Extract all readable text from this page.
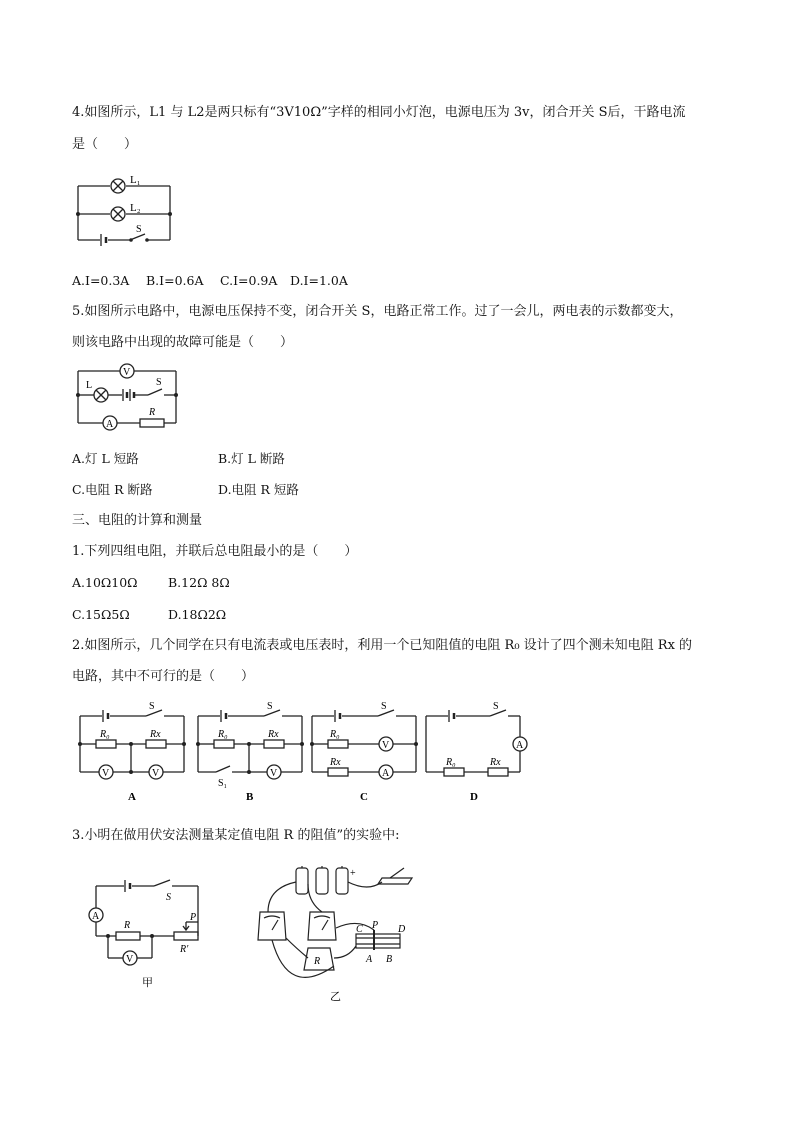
4.如图所示，L1 与 L2是两只标有“3V10Ω”字样的相同小灯泡，电源电压为 3v，闭合开关 S后，干路电流
是（　　）
L₁
L₂
S
A.I=0.3A B.I=0.6A C.I=0.9A D.I=1.0A
5.如图所示电路中，电源电压保持不变，闭合开关 S，电路正常工作。过了一会儿，两电表的示数都变大，
则该电路中出现的故障可能是（　　）
V
L	S
A
R
A.灯 L 短路	B.灯 L 断路
C.电阻 R 断路	D.电阻 R 短路
三、电阻的计算和测量
1.下列四组电阻，并联后总电阻最小的是（　　）
A.10Ω10Ω B.12Ω 8Ω
C.15Ω5Ω	D.18Ω2Ω
2.如图所示，几个同学在只有电流表或电压表时，利用一个已知阻值的电阻 R₀ 设计了四个测未知电阻 Rx 的
电路，其中不可行的是（　　）
S
R₀	Rx
V	V
S
R₀	Rx
S₁
V
S
R₀
V
Rx
A
S
A
R₀	Rx
A	B	C	D
3.小明在做用伏安法测量某定值电阻 R 的阻值”的实验中:
A
S
R
P
R′
V
甲
+
C P D
A B
R
乙
